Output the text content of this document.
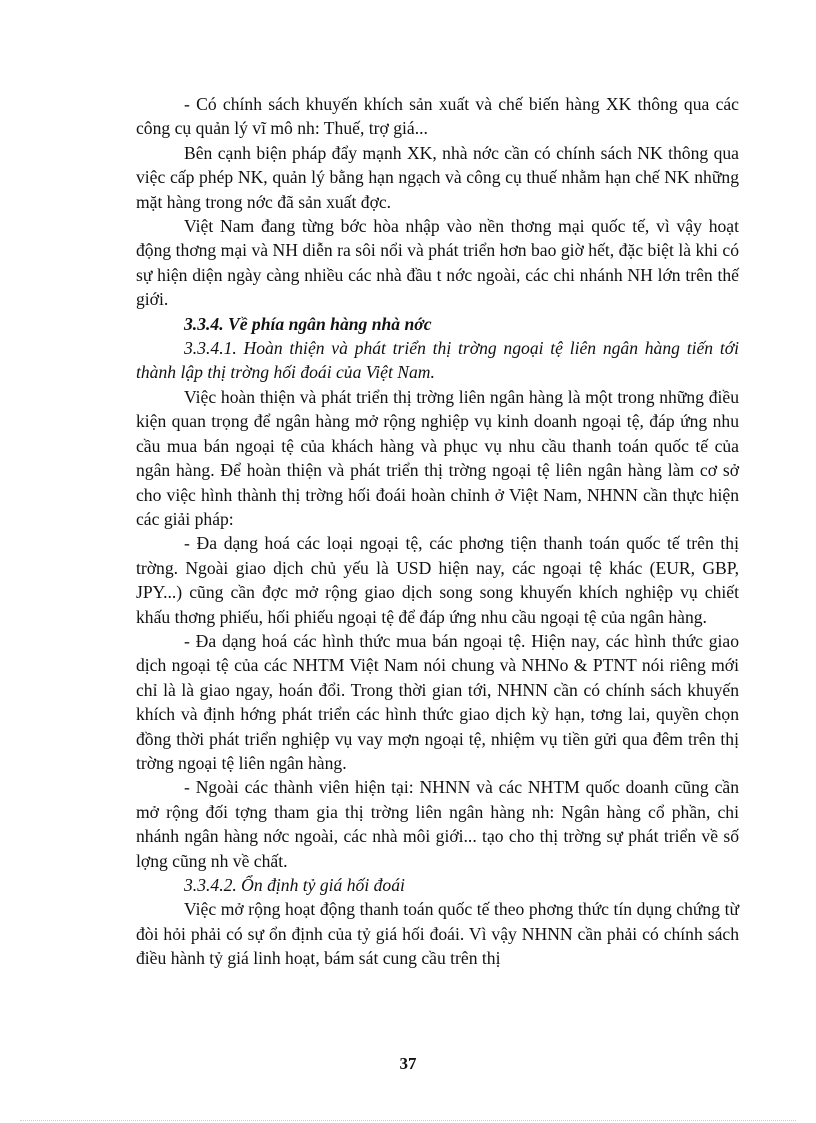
- Có chính sách khuyến khích sản xuất và chế biến hàng XK thông qua các công cụ quản lý vĩ mô nh: Thuế, trợ giá...

Bên cạnh biện pháp đẩy mạnh XK, nhà nớc cần có chính sách NK thông qua việc cấp phép NK, quản lý bằng hạn ngạch và công cụ thuế nhằm hạn chế NK những mặt hàng trong nớc đã sản xuất đợc.

Việt Nam đang từng bớc hòa nhập vào nền thơng mại quốc tế, vì vậy hoạt động thơng mại và NH diễn ra sôi nổi và phát triển hơn bao giờ hết, đặc biệt là khi có sự hiện diện ngày càng nhiều các nhà đầu t nớc ngoài, các chi nhánh NH lớn trên thế giới.

3.3.4. Về phía ngân hàng nhà nớc

3.3.4.1. Hoàn thiện và phát triển thị trờng ngoại tệ liên ngân hàng tiến tới thành lập thị trờng hối đoái của Việt Nam.

Việc hoàn thiện và phát triển thị trờng liên ngân hàng là một trong những điều kiện quan trọng để ngân hàng mở rộng nghiệp vụ kinh doanh ngoại tệ, đáp ứng nhu cầu mua bán ngoại tệ của khách hàng và phục vụ nhu cầu thanh toán quốc tế của ngân hàng. Để hoàn thiện và phát triển thị trờng ngoại tệ liên ngân hàng làm cơ sở cho việc hình thành thị trờng hối đoái hoàn chỉnh ở Việt Nam, NHNN cần thực hiện các giải pháp:

- Đa dạng hoá các loại ngoại tệ, các phơng tiện thanh toán quốc tế trên thị trờng. Ngoài giao dịch chủ yếu là USD hiện nay, các ngoại tệ khác (EUR, GBP, JPY...) cũng cần đợc mở rộng giao dịch song song khuyến khích nghiệp vụ chiết khấu thơng phiếu, hối phiếu ngoại tệ để đáp ứng nhu cầu ngoại tệ của ngân hàng.

- Đa dạng hoá các hình thức mua bán ngoại tệ. Hiện nay, các hình thức giao dịch ngoại tệ của các NHTM Việt Nam nói chung và NHNo & PTNT nói riêng mới chỉ là là giao ngay, hoán đổi. Trong thời gian tới, NHNN cần có chính sách khuyến khích và định hớng phát triển các hình thức giao dịch kỳ hạn, tơng lai, quyền chọn đồng thời phát triển nghiệp vụ vay mợn ngoại tệ, nhiệm vụ tiền gửi qua đêm trên thị trờng ngoại tệ liên ngân hàng.

- Ngoài các thành viên hiện tại: NHNN và các NHTM quốc doanh cũng cần mở rộng đối tợng tham gia thị trờng liên ngân hàng nh: Ngân hàng cổ phần, chi nhánh ngân hàng nớc ngoài, các nhà môi giới... tạo cho thị trờng sự phát triển về số lợng cũng nh về chất.

3.3.4.2. Ổn định tỷ giá hối đoái

Việc mở rộng hoạt động thanh toán quốc tế theo phơng thức tín dụng chứng từ đòi hỏi phải có sự ổn định của tỷ giá hối đoái. Vì vậy NHNN cần phải có chính sách điều hành tỷ giá linh hoạt, bám sát cung cầu trên thị

37
